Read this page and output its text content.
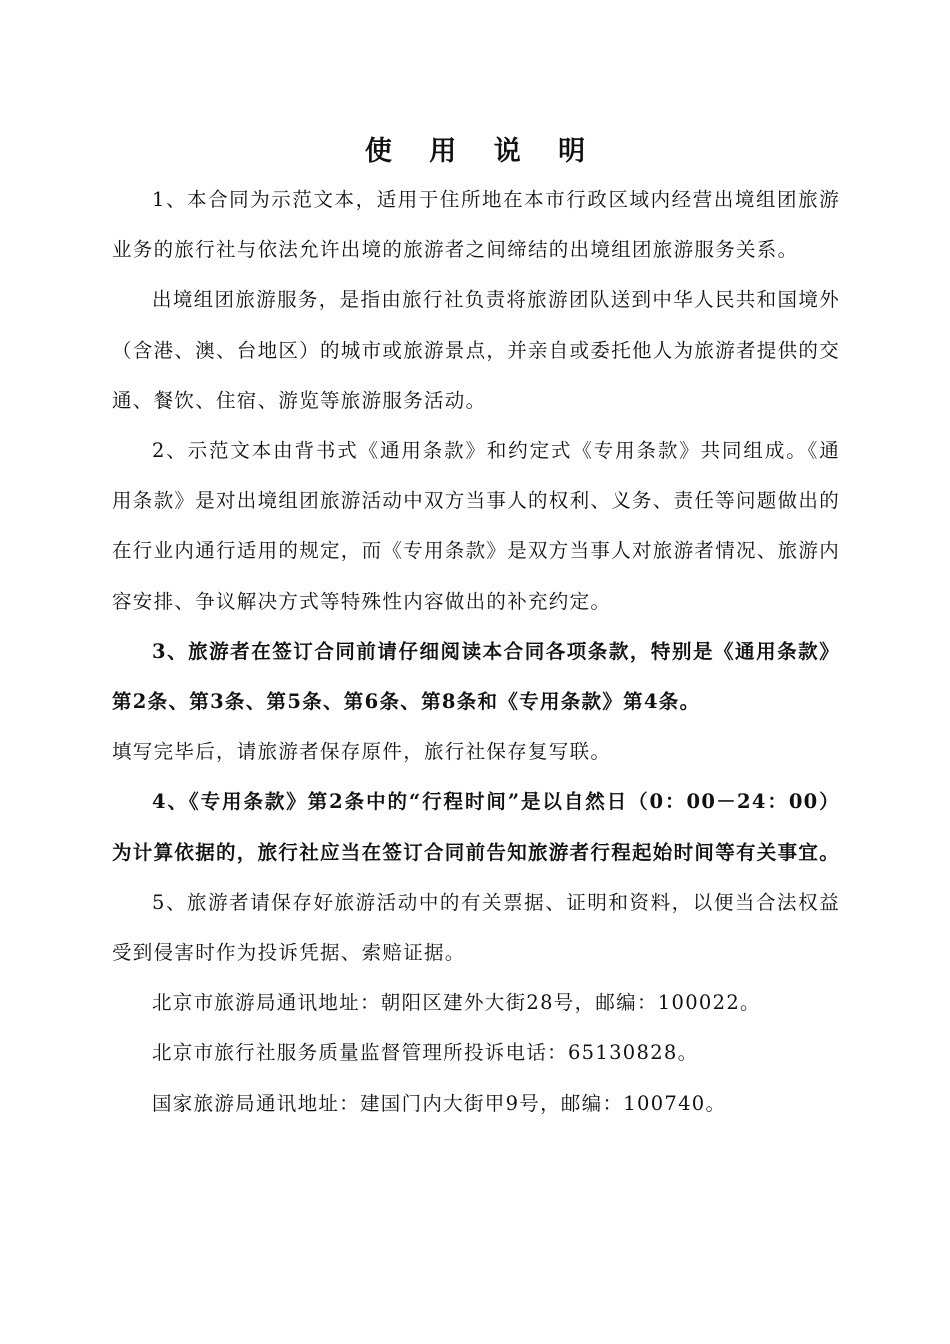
使 用 说 明

1、本合同为示范文本，适用于住所地在本市行政区域内经营出境组团旅游业务的旅行社与依法允许出境的旅游者之间缔结的出境组团旅游服务关系。

出境组团旅游服务，是指由旅行社负责将旅游团队送到中华人民共和国境外（含港、澳、台地区）的城市或旅游景点，并亲自或委托他人为旅游者提供的交通、餐饮、住宿、游览等旅游服务活动。

2、示范文本由背书式《通用条款》和约定式《专用条款》共同组成。《通用条款》是对出境组团旅游活动中双方当事人的权利、义务、责任等问题做出的在行业内通行适用的规定，而《专用条款》是双方当事人对旅游者情况、旅游内容安排、争议解决方式等特殊性内容做出的补充约定。

3、旅游者在签订合同前请仔细阅读本合同各项条款，特别是《通用条款》第2条、第3条、第5条、第6条、第8条和《专用条款》第4条。

填写完毕后，请旅游者保存原件，旅行社保存复写联。

4、《专用条款》第2条中的“行程时间”是以自然日（0：00－24：00）为计算依据的，旅行社应当在签订合同前告知旅游者行程起始时间等有关事宜。

5、旅游者请保存好旅游活动中的有关票据、证明和资料，以便当合法权益受到侵害时作为投诉凭据、索赔证据。

北京市旅游局通讯地址：朝阳区建外大街28号，邮编：100022。

北京市旅行社服务质量监督管理所投诉电话：65130828。

国家旅游局通讯地址：建国门内大街甲9号，邮编：100740。
